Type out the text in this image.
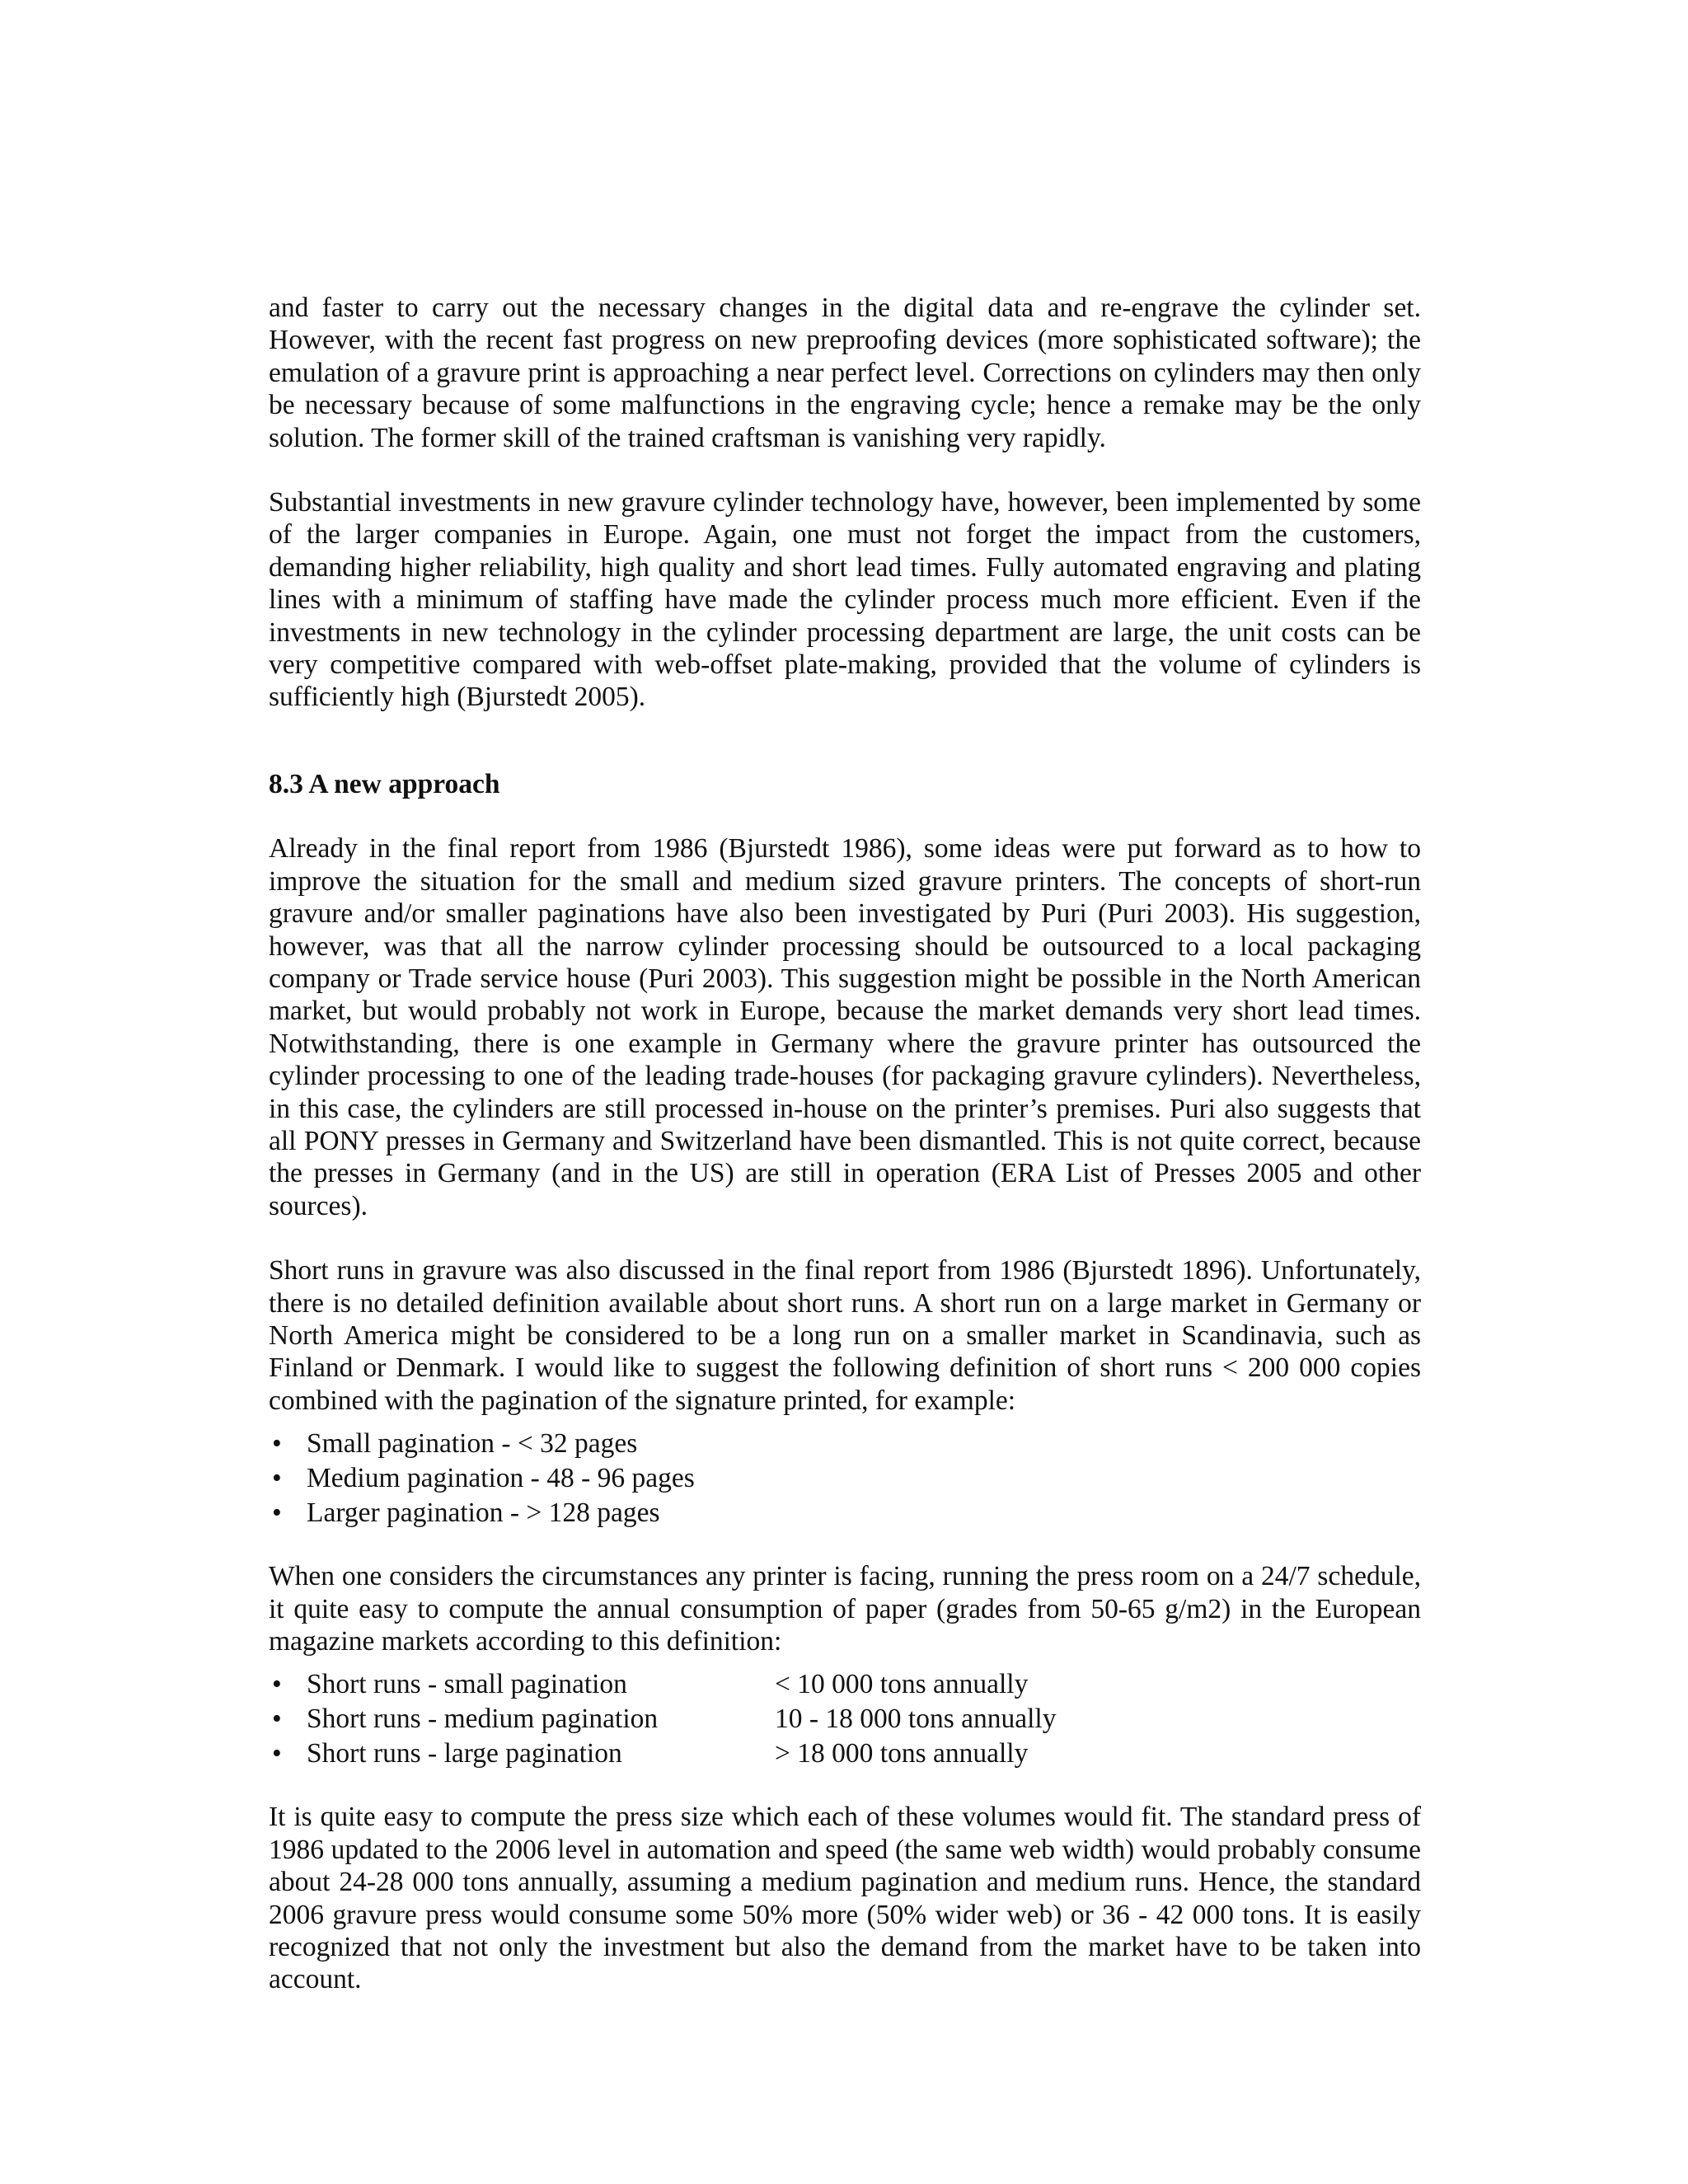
and faster to carry out the necessary changes in the digital data and re-engrave the cylinder set. However, with the recent fast progress on new preproofing devices (more sophisticated software); the emulation of a gravure print is approaching a near perfect level. Corrections on cylinders may then only be necessary because of some malfunctions in the engraving cycle; hence a remake may be the only solution. The former skill of the trained craftsman is vanishing very rapidly.

Substantial investments in new gravure cylinder technology have, however, been implemented by some of the larger companies in Europe. Again, one must not forget the impact from the customers, demanding higher reliability, high quality and short lead times. Fully automated engraving and plating lines with a minimum of staffing have made the cylinder process much more efficient. Even if the investments in new technology in the cylinder processing department are large, the unit costs can be very competitive compared with web-offset plate-making, provided that the volume of cylinders is sufficiently high (Bjurstedt 2005).

8.3 A new approach

Already in the final report from 1986 (Bjurstedt 1986), some ideas were put forward as to how to improve the situation for the small and medium sized gravure printers. The concepts of short-run gravure and/or smaller paginations have also been investigated by Puri (Puri 2003). His suggestion, however, was that all the narrow cylinder processing should be outsourced to a local packaging company or Trade service house (Puri 2003). This suggestion might be possible in the North American market, but would probably not work in Europe, because the market demands very short lead times. Notwithstanding, there is one example in Germany where the gravure printer has outsourced the cylinder processing to one of the leading trade-houses (for packaging gravure cylinders). Nevertheless, in this case, the cylinders are still processed in-house on the printer’s premises. Puri also suggests that all PONY presses in Germany and Switzerland have been dismantled. This is not quite correct, because the presses in Germany (and in the US) are still in operation (ERA List of Presses 2005 and other sources).

Short runs in gravure was also discussed in the final report from 1986 (Bjurstedt 1896). Unfortunately, there is no detailed definition available about short runs. A short run on a large market in Germany or North America might be considered to be a long run on a smaller market in Scandinavia, such as Finland or Denmark. I would like to suggest the following definition of short runs < 200 000 copies combined with the pagination of the signature printed, for example:

• Small pagination - < 32 pages
• Medium pagination - 48 - 96 pages
• Larger pagination - > 128 pages

When one considers the circumstances any printer is facing, running the press room on a 24/7 schedule, it quite easy to compute the annual consumption of paper (grades from 50-65 g/m2) in the European magazine markets according to this definition:

• Short runs - small pagination	< 10 000 tons annually
• Short runs - medium pagination	10 - 18 000 tons annually
• Short runs - large pagination	> 18 000 tons annually

It is quite easy to compute the press size which each of these volumes would fit. The standard press of 1986 updated to the 2006 level in automation and speed (the same web width) would probably consume about 24-28 000 tons annually, assuming a medium pagination and medium runs. Hence, the standard 2006 gravure press would consume some 50% more (50% wider web) or 36 - 42 000 tons. It is easily recognized that not only the investment but also the demand from the market have to be taken into account.
